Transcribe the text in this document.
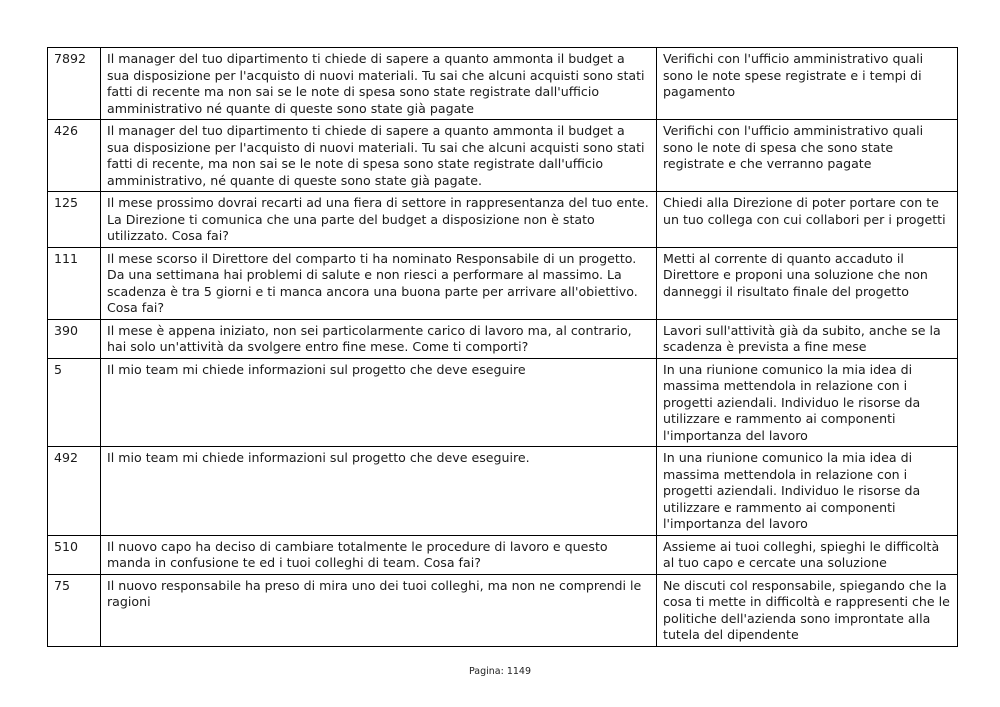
7892	Il manager del tuo dipartimento ti chiede di sapere a quanto ammonta il budget a sua disposizione per l'acquisto di nuovi materiali. Tu sai che alcuni acquisti sono stati fatti di recente ma non sai se le note di spesa sono state registrate dall'ufficio amministrativo né quante di queste sono state già pagate	Verifichi con l'ufficio amministrativo quali sono le note spese registrate e i tempi di pagamento
426	Il manager del tuo dipartimento ti chiede di sapere a quanto ammonta il budget a sua disposizione per l'acquisto di nuovi materiali. Tu sai che alcuni acquisti sono stati fatti di recente, ma non sai se le note di spesa sono state registrate dall'ufficio amministrativo, né quante di queste sono state già pagate.	Verifichi con l'ufficio amministrativo quali sono le note di spesa che sono state registrate e che verranno pagate
125	Il mese prossimo dovrai recarti ad una fiera di settore in rappresentanza del tuo ente. La Direzione ti comunica che una parte del budget a disposizione non è stato utilizzato. Cosa fai?	Chiedi alla Direzione di poter portare con te un tuo collega con cui collabori per i progetti
111	Il mese scorso il Direttore del comparto ti ha nominato Responsabile di un progetto. Da una settimana hai problemi di salute e non riesci a performare al massimo. La scadenza è tra 5 giorni e ti manca ancora una buona parte per arrivare all'obiettivo. Cosa fai?	Metti al corrente di quanto accaduto il Direttore e proponi una soluzione che non danneggi il risultato finale del progetto
390	Il mese è appena iniziato, non sei particolarmente carico di lavoro ma, al contrario, hai solo un'attività da svolgere entro fine mese. Come ti comporti?	Lavori sull'attività già da subito, anche se la scadenza è prevista a fine mese
5	Il mio team mi chiede informazioni sul progetto che deve eseguire	In una riunione comunico la mia idea di massima mettendola in relazione con i progetti aziendali. Individuo le risorse da utilizzare e rammento ai componenti l'importanza del lavoro
492	Il mio team mi chiede informazioni sul progetto che deve eseguire.	In una riunione comunico la mia idea di massima mettendola in relazione con i progetti aziendali. Individuo le risorse da utilizzare e rammento ai componenti l'importanza del lavoro
510	Il nuovo capo ha deciso di cambiare totalmente le procedure di lavoro e questo manda in confusione te ed i tuoi colleghi di team. Cosa fai?	Assieme ai tuoi colleghi, spieghi le difficoltà al tuo capo e cercate una soluzione
75	Il nuovo responsabile ha preso di mira uno dei tuoi colleghi, ma non ne comprendi le ragioni	Ne discuti col responsabile, spiegando che la cosa ti mette in difficoltà e rappresenti che le politiche dell'azienda sono improntate alla tutela del dipendente
Pagina: 1149
